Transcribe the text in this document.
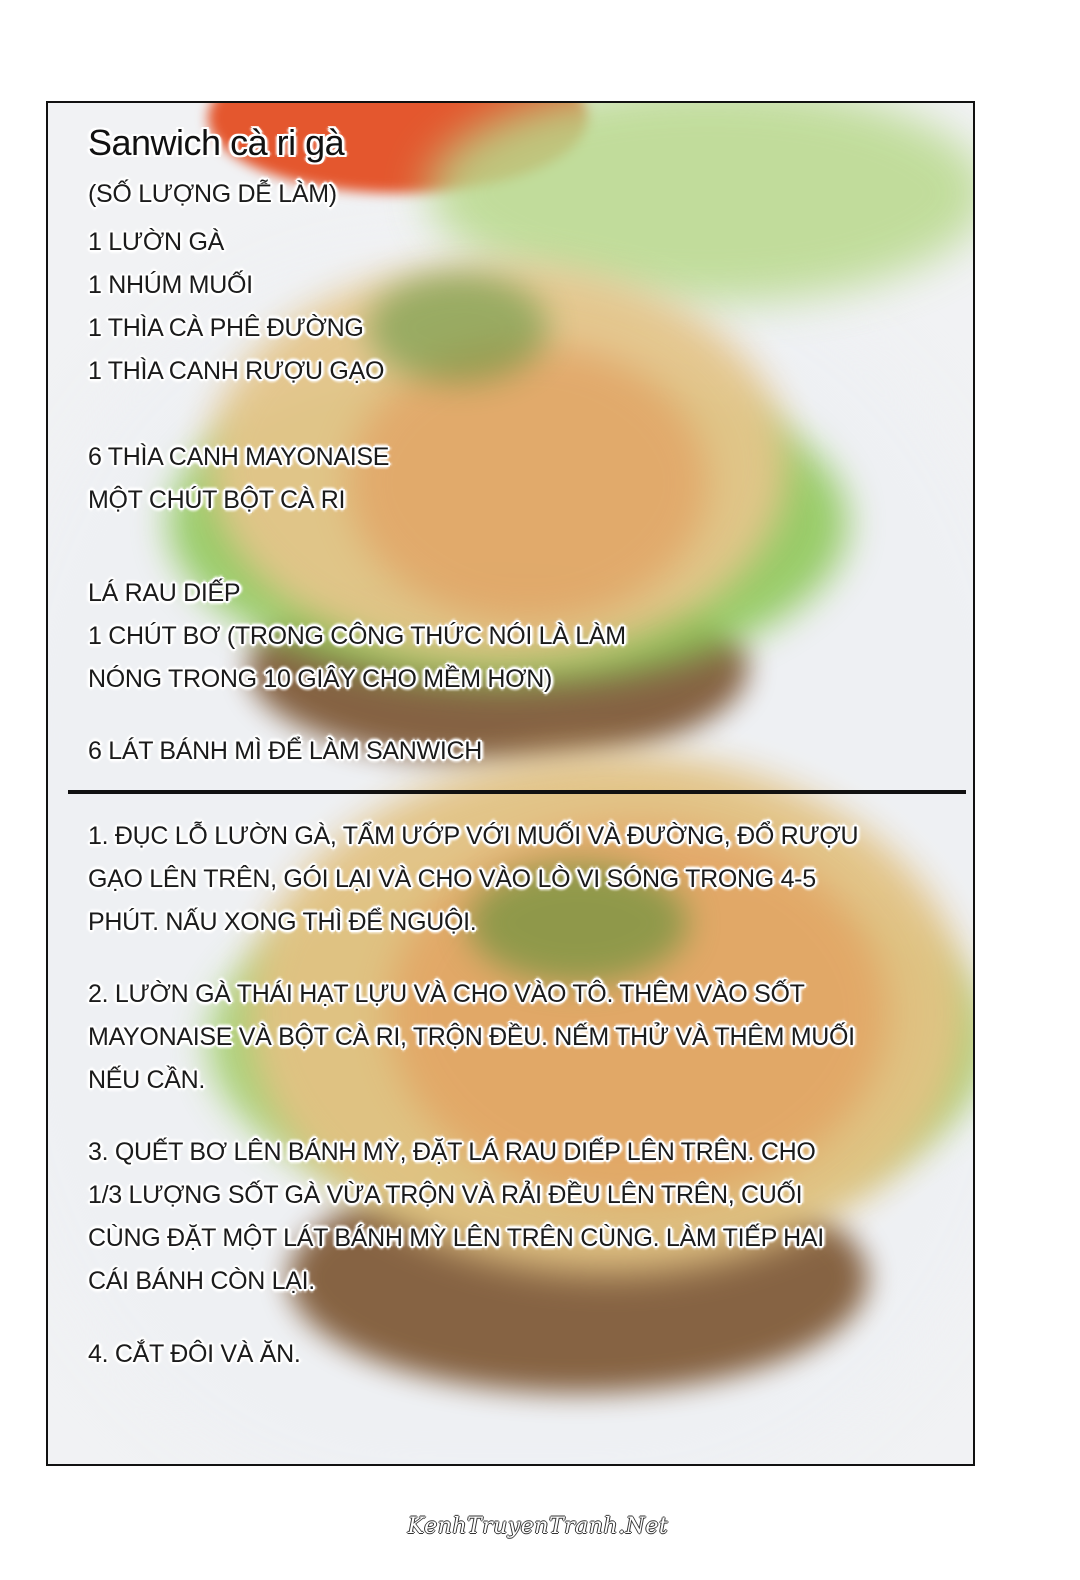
Sanwich cà ri gà
(SỐ LƯỢNG DỄ LÀM)
1 LƯỜN GÀ
1 NHÚM MUỐI
1 THÌA CÀ PHÊ ĐƯỜNG
1 THÌA CANH RƯỢU GẠO
6 THÌA CANH MAYONAISE
MỘT CHÚT BỘT CÀ RI
LÁ RAU DIẾP
1 CHÚT BƠ (TRONG CÔNG THỨC NÓI LÀ LÀM
NÓNG TRONG 10 GIÂY CHO MỀM HƠN)
6 LÁT BÁNH MÌ ĐỂ LÀM SANWICH
1. ĐỤC LỖ LƯỜN GÀ, TẨM ƯỚP VỚI MUỐI VÀ ĐƯỜNG, ĐỔ RƯỢU
GẠO LÊN TRÊN, GÓI LẠI VÀ CHO VÀO LÒ VI SÓNG TRONG 4-5
PHÚT. NẤU XONG THÌ ĐỂ NGUỘI.
2. LƯỜN GÀ THÁI HẠT LỰU VÀ CHO VÀO TÔ. THÊM VÀO SỐT
MAYONAISE VÀ BỘT CÀ RI, TRỘN ĐỀU. NẾM THỬ VÀ THÊM MUỐI
NẾU CẦN.
3. QUẾT BƠ LÊN BÁNH MỲ, ĐẶT LÁ RAU DIẾP LÊN TRÊN. CHO
1/3 LƯỢNG SỐT GÀ VỪA TRỘN VÀ RẢI ĐỀU LÊN TRÊN, CUỐI
CÙNG ĐẶT MỘT LÁT BÁNH MỲ LÊN TRÊN CÙNG. LÀM TIẾP HAI
CÁI BÁNH CÒN LẠI.
4. CẮT ĐÔI VÀ ĂN.
KenhTruyenTranh.Net
